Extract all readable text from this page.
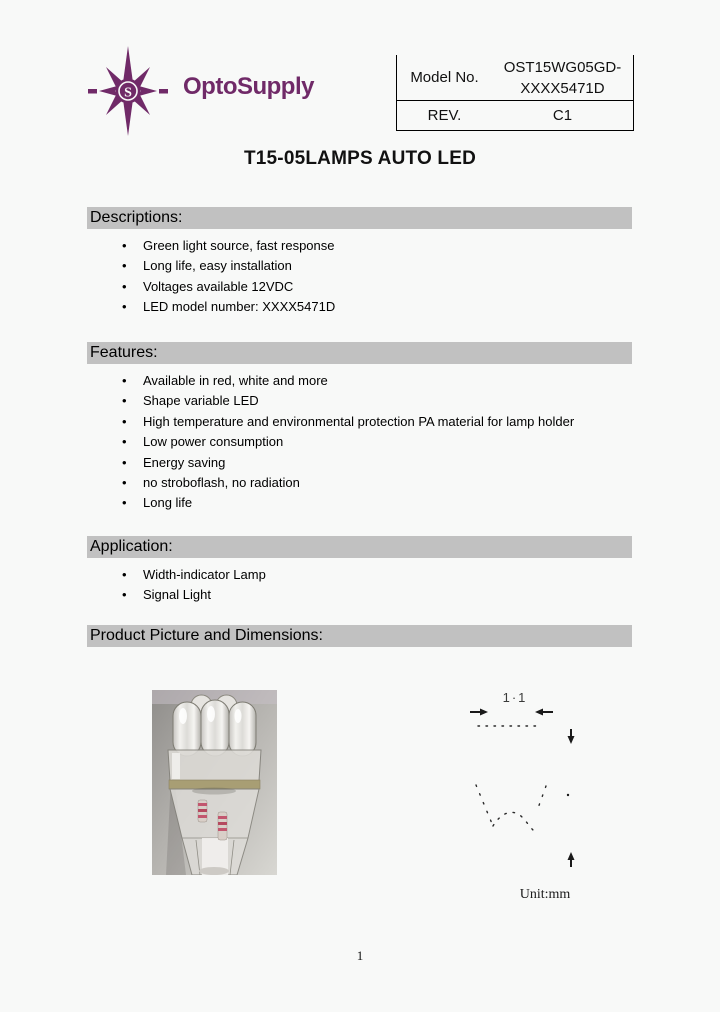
S OptoSupply	Model No.
OST15WG05GD-
XXXX5471D
REV.	C1
T15-05LAMPS AUTO LED
Descriptions:
• Green light source, fast response
• Long life, easy installation
• Voltages available 12VDC
• LED model number: XXXX5471D
Features:
• Available in red, white and more
• Shape variable LED
• High temperature and environmental protection PA material for lamp holder
• Low power consumption
• Energy saving
• no stroboflash, no radiation
• Long life
Application:
• Width-indicator Lamp
• Signal Light
Product Picture and Dimensions:
1·1
Unit:mm
1
